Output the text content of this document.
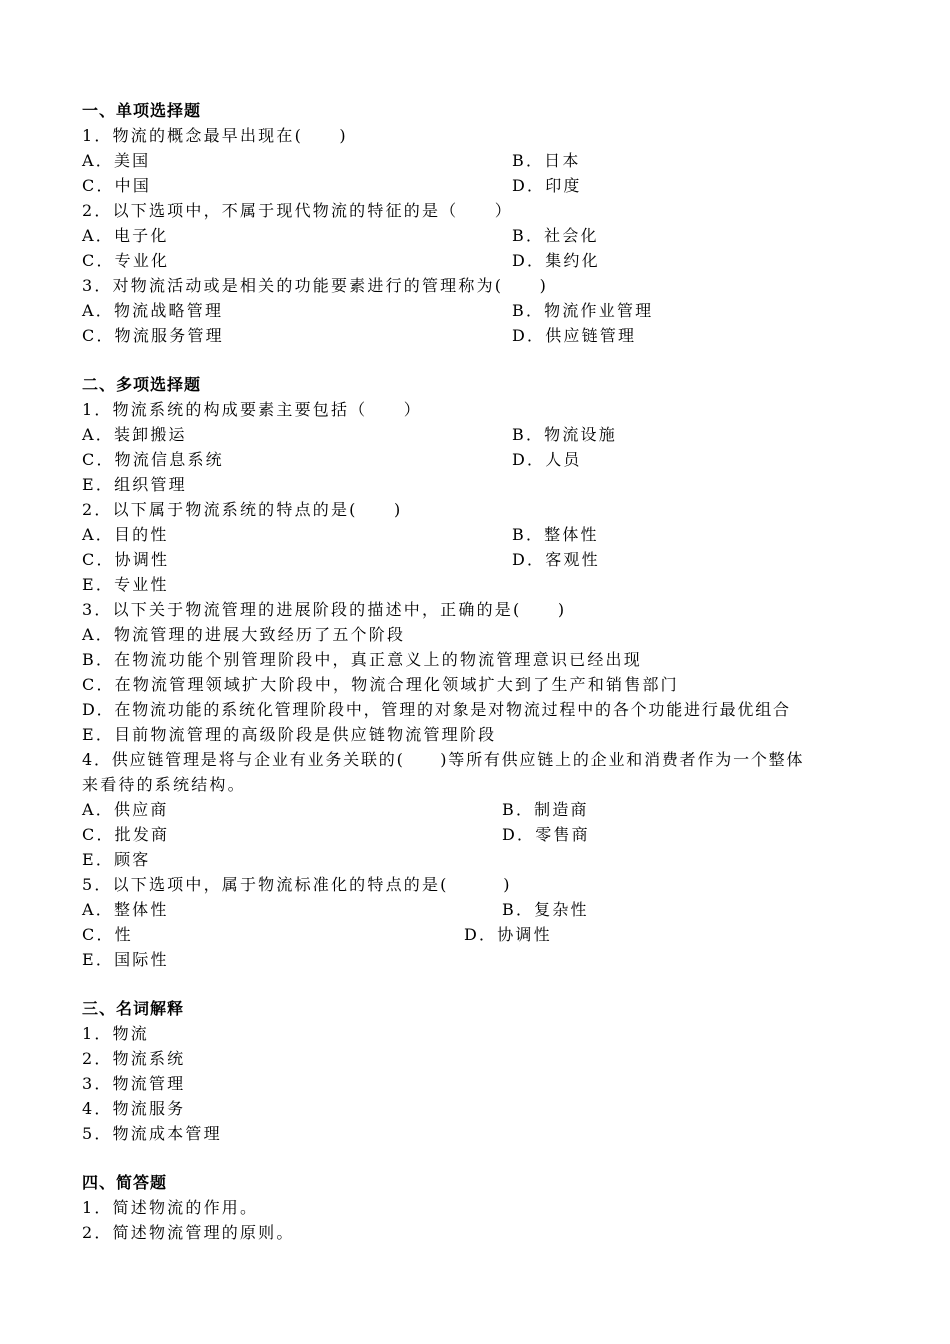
一、单项选择题
1．物流的概念最早出现在(　　)
A．美国	B．日本
C．中国	D．印度
2．以下选项中，不属于现代物流的特征的是（　　）
A．电子化	B．社会化
C．专业化	D．集约化
3．对物流活动或是相关的功能要素进行的管理称为(　　)
A．物流战略管理	B．物流作业管理
C．物流服务管理	D．供应链管理
二、多项选择题
1．物流系统的构成要素主要包括（　　）
A．装卸搬运	B．物流设施
C．物流信息系统	D．人员
E．组织管理
2．以下属于物流系统的特点的是(　　)
A．目的性	B．整体性
C．协调性	D．客观性
E．专业性
3．以下关于物流管理的进展阶段的描述中，正确的是(　　)
A．物流管理的进展大致经历了五个阶段
B．在物流功能个别管理阶段中，真正意义上的物流管理意识已经出现
C．在物流管理领域扩大阶段中，物流合理化领域扩大到了生产和销售部门
D．在物流功能的系统化管理阶段中，管理的对象是对物流过程中的各个功能进行最优组合
E．目前物流管理的高级阶段是供应链物流管理阶段
4．供应链管理是将与企业有业务关联的(　　)等所有供应链上的企业和消费者作为一个整体
来看待的系统结构。
A．供应商	B．制造商
C．批发商	D．零售商
E．顾客
5．以下选项中，属于物流标准化的特点的是(　　　)
A．整体性	B．复杂性
C．性	D．协调性
E．国际性
三、名词解释
1．物流
2．物流系统
3．物流管理
4．物流服务
5．物流成本管理
四、简答题
1．简述物流的作用。
2．简述物流管理的原则。
